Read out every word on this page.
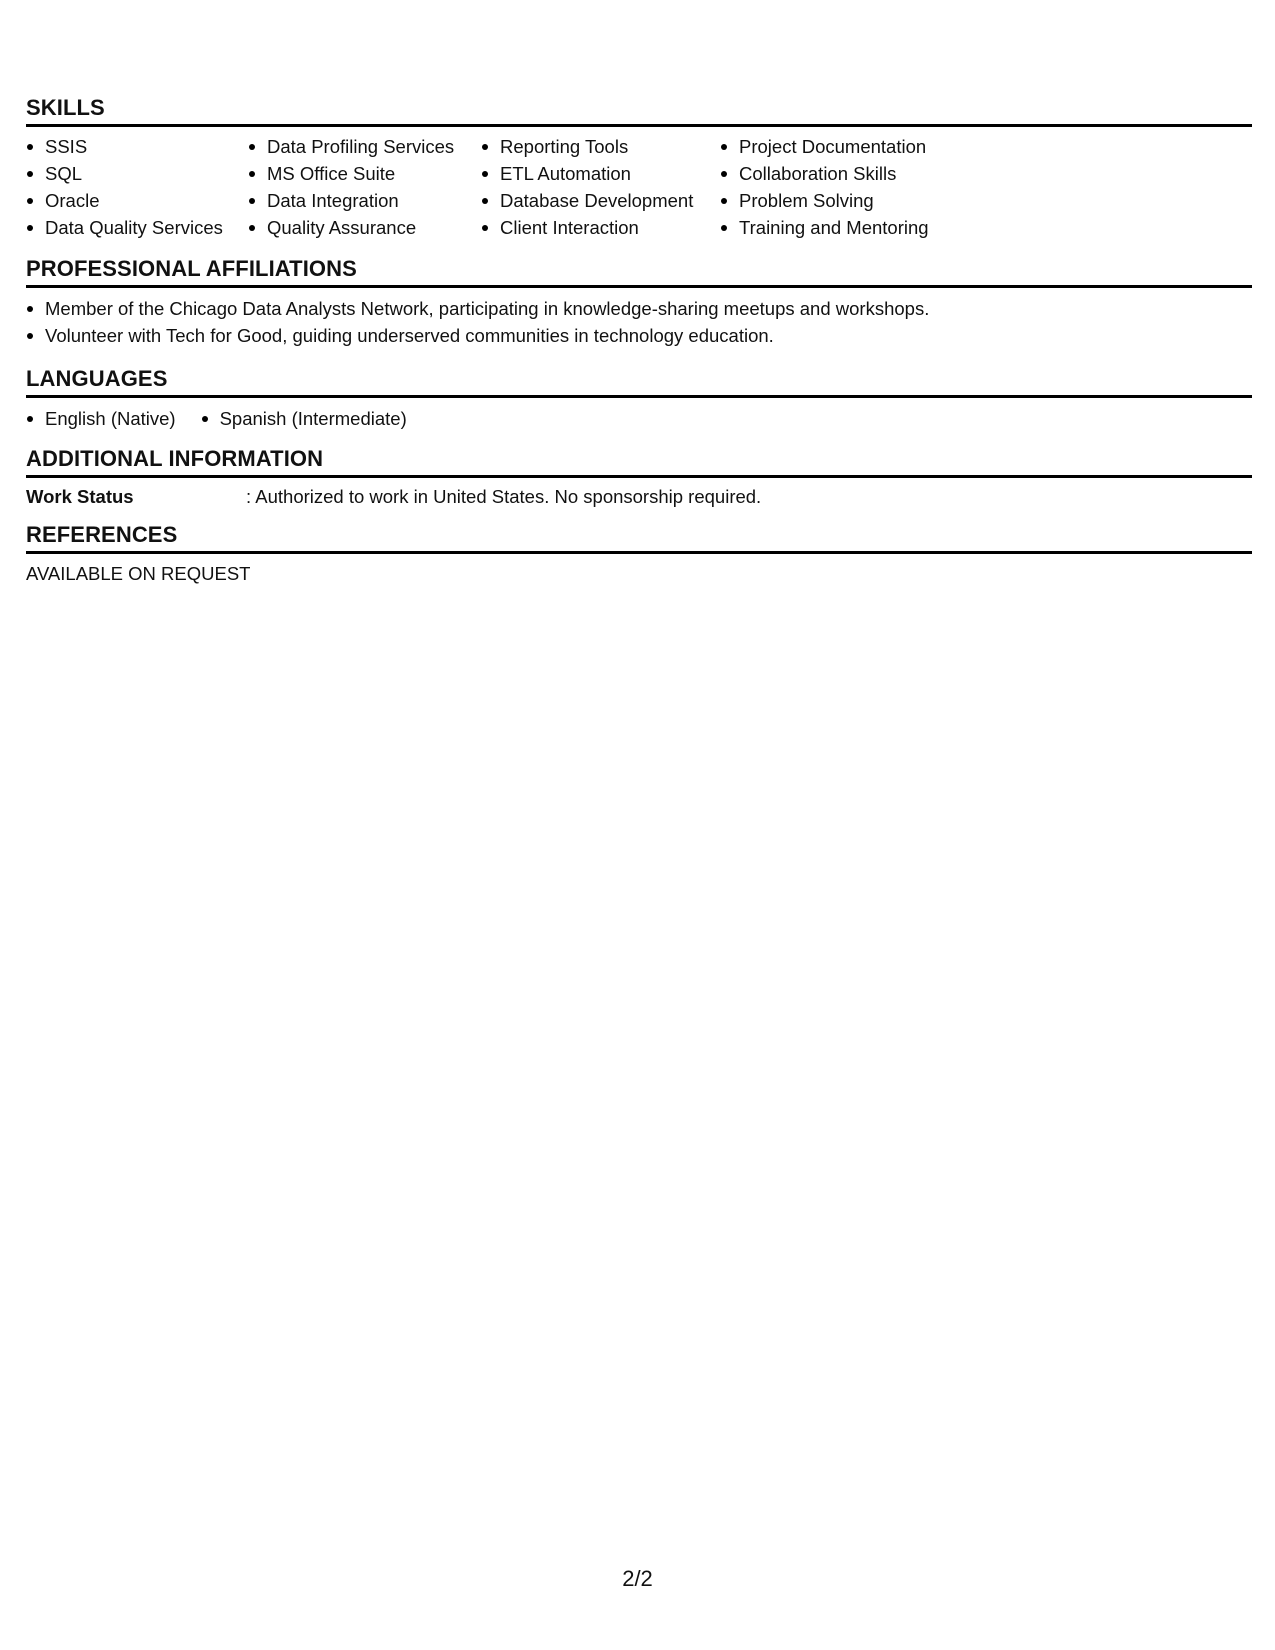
SKILLS
SSIS
SQL
Oracle
Data Quality Services
Data Profiling Services
MS Office Suite
Data Integration
Quality Assurance
Reporting Tools
ETL Automation
Database Development
Client Interaction
Project Documentation
Collaboration Skills
Problem Solving
Training and Mentoring
PROFESSIONAL AFFILIATIONS
Member of the Chicago Data Analysts Network, participating in knowledge-sharing meetups and workshops.
Volunteer with Tech for Good, guiding underserved communities in technology education.
LANGUAGES
English (Native)	Spanish (Intermediate)
ADDITIONAL INFORMATION
Work Status	: Authorized to work in United States. No sponsorship required.
REFERENCES
AVAILABLE ON REQUEST
2/2
